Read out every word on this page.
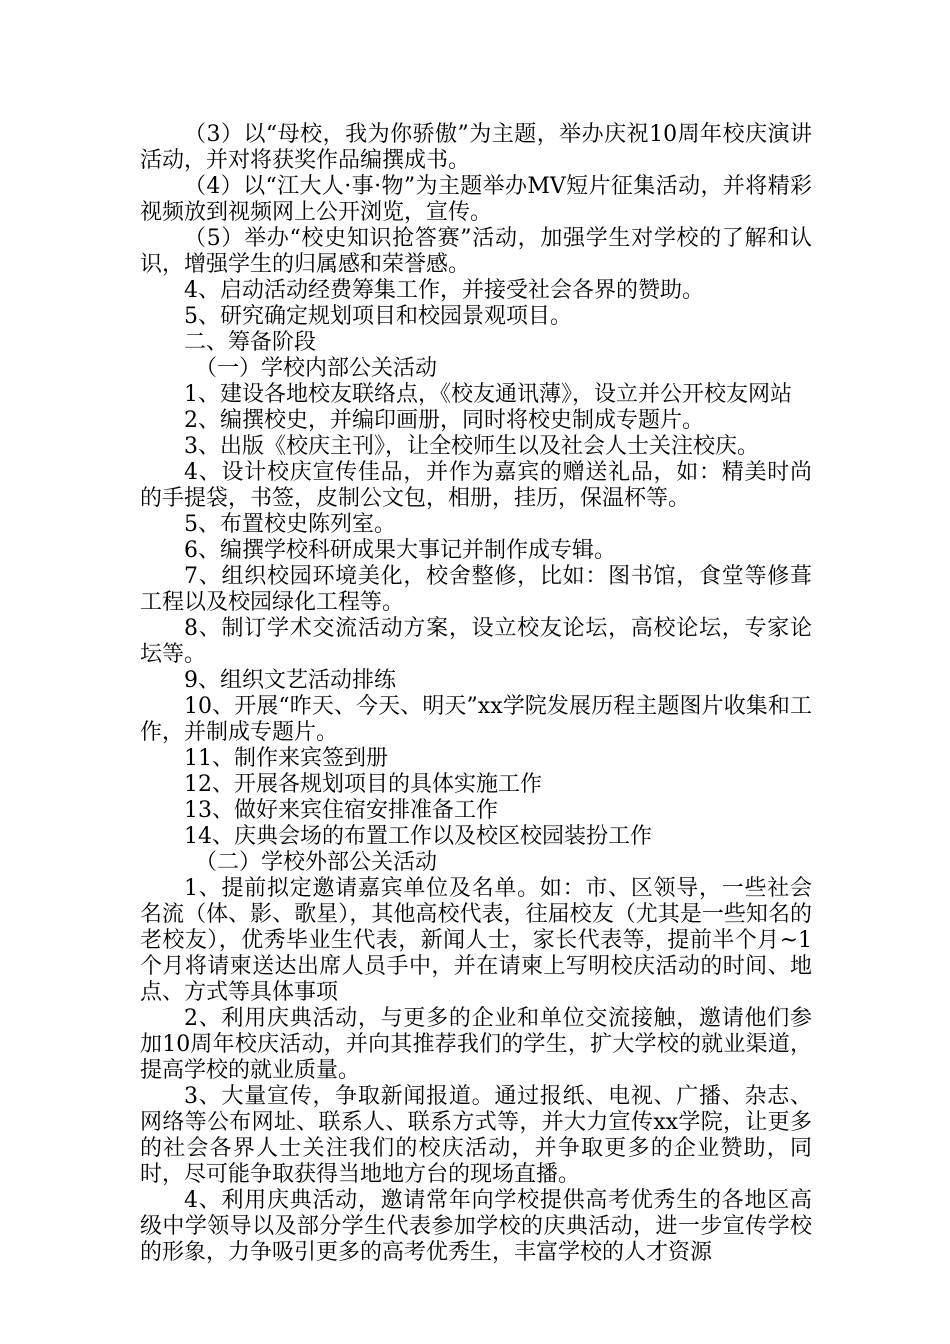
（3）以“母校，我为你骄傲”为主题，举办庆祝10周年校庆演讲活动，并对将获奖作品编撰成书。

（4）以“江大人·事·物”为主题举办MV短片征集活动，并将精彩视频放到视频网上公开浏览，宣传。

（5）举办“校史知识抢答赛”活动，加强学生对学校的了解和认识，增强学生的归属感和荣誉感。

4、启动活动经费筹集工作，并接受社会各界的赞助。

5、研究确定规划项目和校园景观项目。

二、筹备阶段

（一）学校内部公关活动

1、建设各地校友联络点，《校友通讯薄》，设立并公开校友网站

2、编撰校史，并编印画册，同时将校史制成专题片。

3、出版《校庆主刊》，让全校师生以及社会人士关注校庆。

4、设计校庆宣传佳品，并作为嘉宾的赠送礼品，如：精美时尚的手提袋，书签，皮制公文包，相册，挂历，保温杯等。

5、布置校史陈列室。

6、编撰学校科研成果大事记并制作成专辑。

7、组织校园环境美化，校舍整修，比如：图书馆，食堂等修葺工程以及校园绿化工程等。

8、制订学术交流活动方案，设立校友论坛，高校论坛，专家论坛等。

9、组织文艺活动排练

10、开展“昨天、今天、明天”xx学院发展历程主题图片收集和工作，并制成专题片。

11、制作来宾签到册

12、开展各规划项目的具体实施工作

13、做好来宾住宿安排准备工作

14、庆典会场的布置工作以及校区校园装扮工作

（二）学校外部公关活动

1、提前拟定邀请嘉宾单位及名单。如：市、区领导，一些社会名流（体、影、歌星），其他高校代表，往届校友（尤其是一些知名的老校友），优秀毕业生代表，新闻人士，家长代表等，提前半个月~1个月将请柬送达出席人员手中，并在请柬上写明校庆活动的时间、地点、方式等具体事项

2、利用庆典活动，与更多的企业和单位交流接触，邀请他们参加10周年校庆活动，并向其推荐我们的学生，扩大学校的就业渠道，提高学校的就业质量。

3、大量宣传，争取新闻报道。通过报纸、电视、广播、杂志、网络等公布网址、联系人、联系方式等，并大力宣传xx学院，让更多的社会各界人士关注我们的校庆活动，并争取更多的企业赞助，同时，尽可能争取获得当地地方台的现场直播。

4、利用庆典活动，邀请常年向学校提供高考优秀生的各地区高级中学领导以及部分学生代表参加学校的庆典活动，进一步宣传学校的形象，力争吸引更多的高考优秀生，丰富学校的人才资源
